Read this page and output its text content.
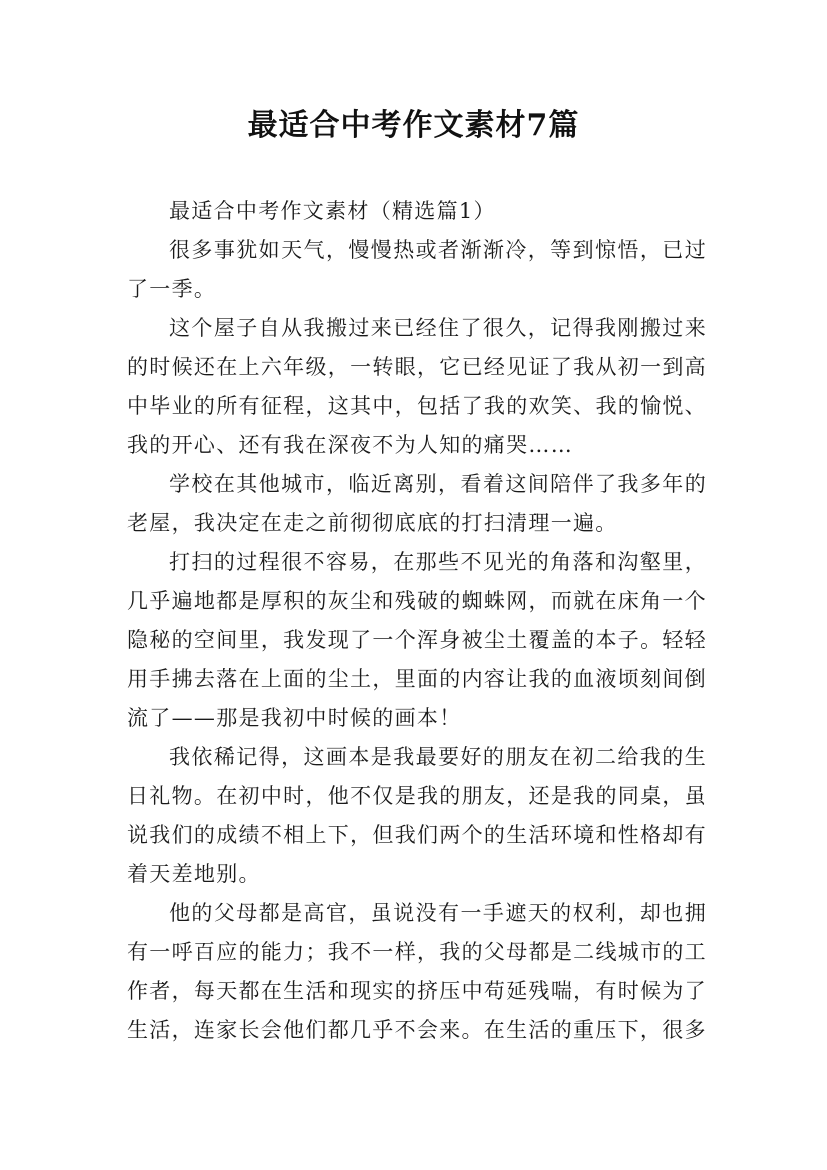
最适合中考作文素材7篇

最适合中考作文素材（精选篇1）

很多事犹如天气，慢慢热或者渐渐冷，等到惊悟，已过了一季。

这个屋子自从我搬过来已经住了很久，记得我刚搬过来的时候还在上六年级，一转眼，它已经见证了我从初一到高中毕业的所有征程，这其中，包括了我的欢笑、我的愉悦、我的开心、还有我在深夜不为人知的痛哭……

学校在其他城市，临近离别，看着这间陪伴了我多年的老屋，我决定在走之前彻彻底底的打扫清理一遍。

打扫的过程很不容易，在那些不见光的角落和沟壑里，几乎遍地都是厚积的灰尘和残破的蜘蛛网，而就在床角一个隐秘的空间里，我发现了一个浑身被尘土覆盖的本子。轻轻用手拂去落在上面的尘土，里面的内容让我的血液顷刻间倒流了——那是我初中时候的画本！

我依稀记得，这画本是我最要好的朋友在初二给我的生日礼物。在初中时，他不仅是我的朋友，还是我的同桌，虽说我们的成绩不相上下，但我们两个的生活环境和性格却有着天差地别。

他的父母都是高官，虽说没有一手遮天的权利，却也拥有一呼百应的能力；我不一样，我的父母都是二线城市的工作者，每天都在生活和现实的挤压中苟延残喘，有时候为了生活，连家长会他们都几乎不会来。在生活的重压下，很多
